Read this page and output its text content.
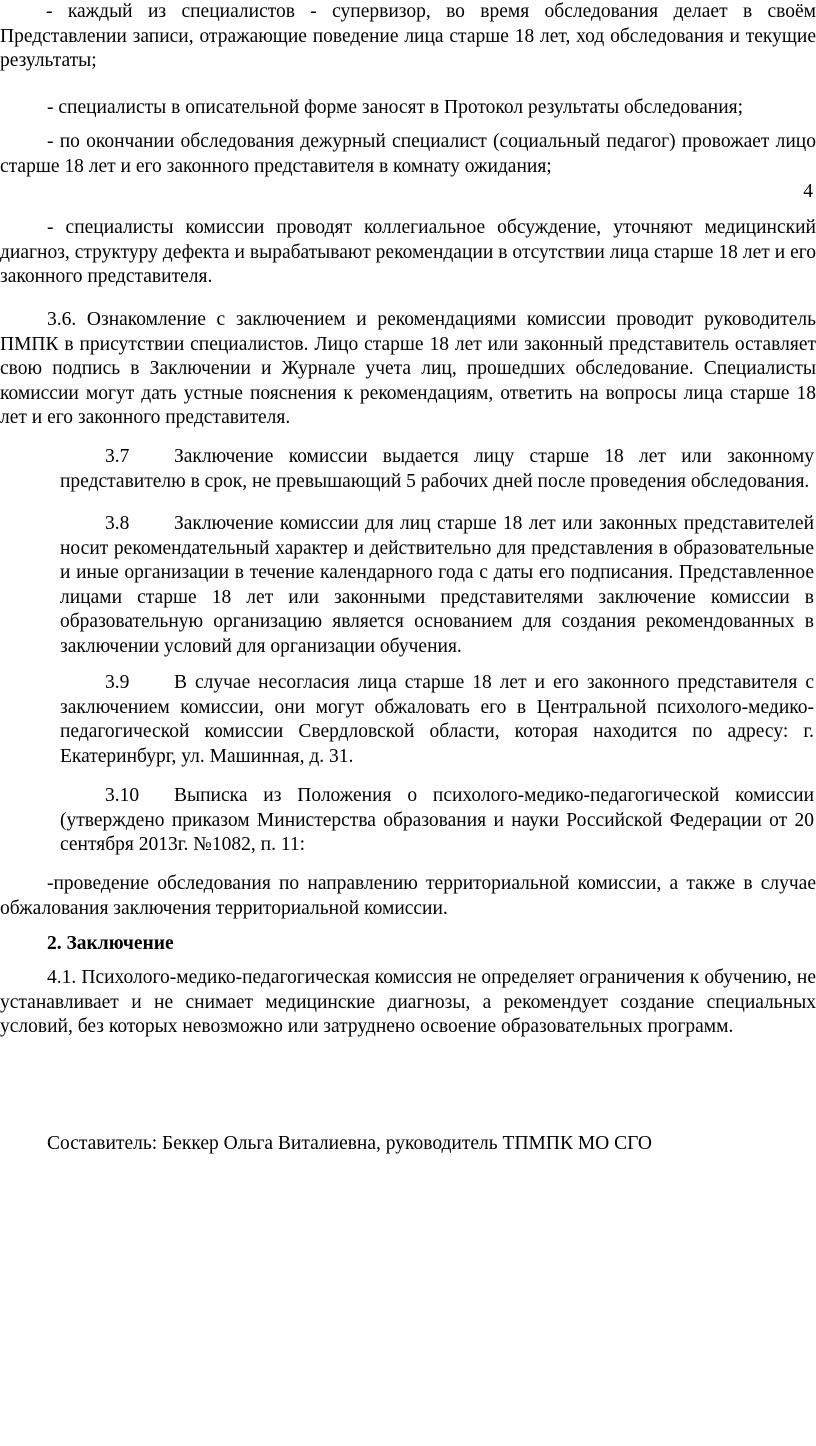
- каждый из специалистов - супервизор, во время обследования делает в своём Представлении записи, отражающие поведение лица старше 18 лет, ход обследования и текущие результаты;

- специалисты в описательной форме заносят в Протокол результаты обследования;

- по окончании обследования дежурный специалист (социальный педагог) провожает лицо старше 18 лет и его законного представителя в комнату ожидания;

4

- специалисты комиссии проводят коллегиальное обсуждение, уточняют медицинский диагноз, структуру дефекта и вырабатывают рекомендации в отсутствии лица старше 18 лет и его законного представителя.

3.6. Ознакомление с заключением и рекомендациями комиссии проводит руководитель ПМПК в присутствии специалистов. Лицо старше 18 лет или законный представитель оставляет свою подпись в Заключении и Журнале учета лиц, прошедших обследование. Специалисты комиссии могут дать устные пояснения к рекомендациям, ответить на вопросы лица старше 18 лет и его законного представителя.

3.7 Заключение комиссии выдается лицу старше 18 лет или законному представителю в срок, не превышающий 5 рабочих дней после проведения обследования.

3.8 Заключение комиссии для лиц старше 18 лет или законных представителей носит рекомендательный характер и действительно для представления в образовательные и иные организации в течение календарного года с даты его подписания. Представленное лицами старше 18 лет или законными представителями заключение комиссии в образовательную организацию является основанием для создания рекомендованных в заключении условий для организации обучения.

3.9 В случае несогласия лица старше 18 лет и его законного представителя с заключением комиссии, они могут обжаловать его в Центральной психолого-медико-педагогической комиссии Свердловской области, которая находится по адресу: г. Екатеринбург, ул. Машинная, д. 31.

3.10 Выписка из Положения о психолого-медико-педагогической комиссии (утверждено приказом Министерства образования и науки Российской Федерации от 20 сентября 2013г. №1082, п. 11:

-проведение обследования по направлению территориальной комиссии, а также в случае обжалования заключения территориальной комиссии.

2. Заключение

4.1. Психолого-медико-педагогическая комиссия не определяет ограничения к обучению, не устанавливает и не снимает медицинские диагнозы, а рекомендует создание специальных условий, без которых невозможно или затруднено освоение образовательных программ.

Составитель: Беккер Ольга Виталиевна, руководитель ТПМПК МО СГО
